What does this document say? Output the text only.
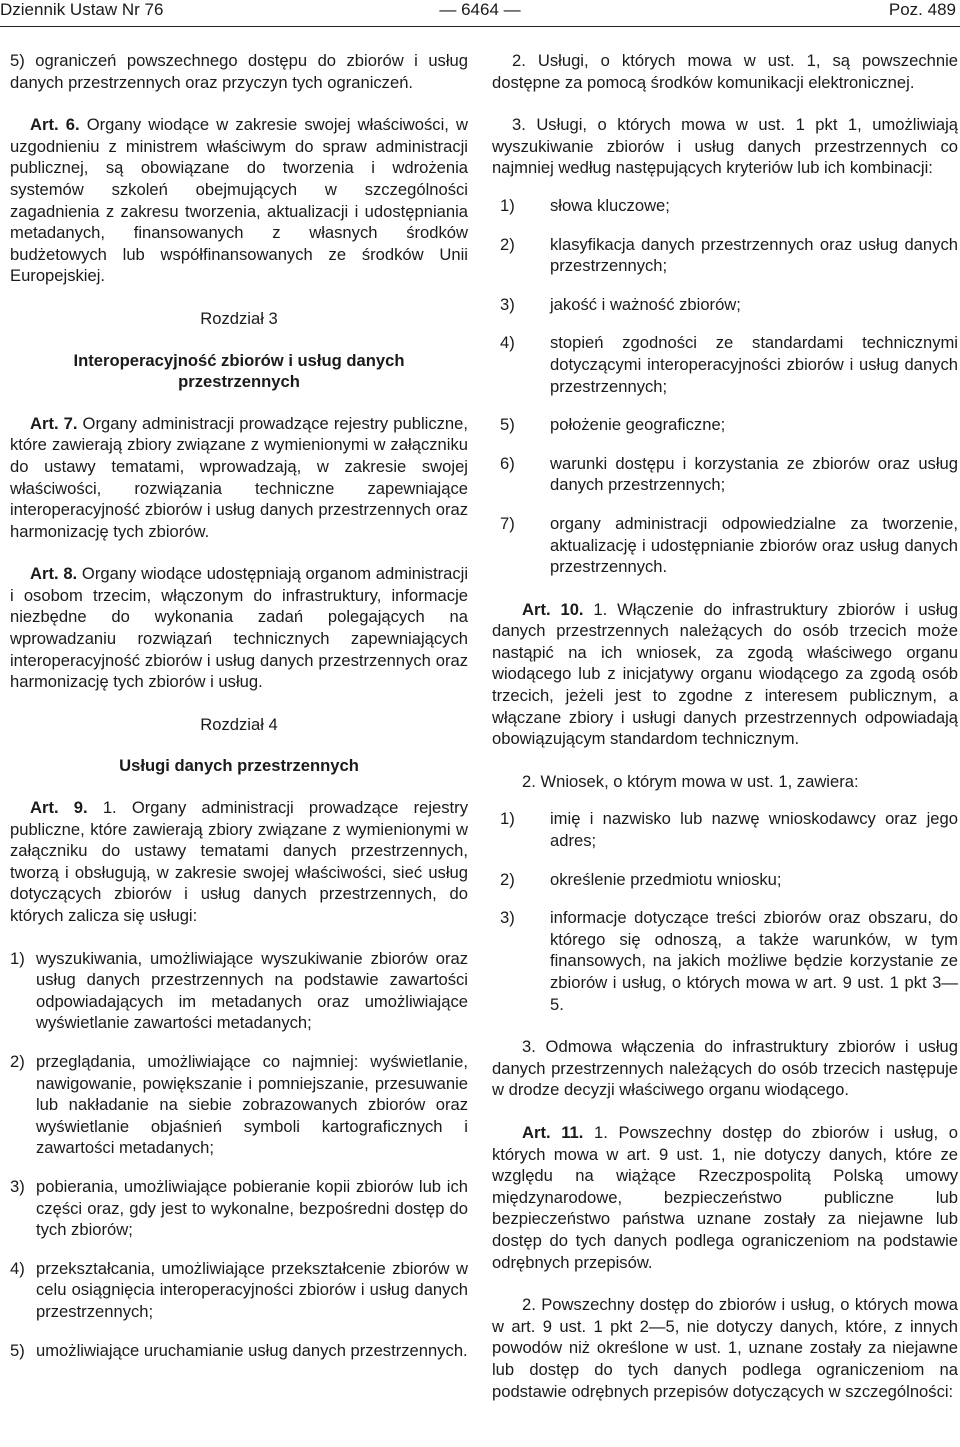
Dziennik Ustaw Nr 76	— 6464 —	Poz. 489

5) ograniczeń powszechnego dostępu do zbiorów i usług danych przestrzennych oraz przyczyn tych ograniczeń.

Art. 6. Organy wiodące w zakresie swojej właściwości, w uzgodnieniu z ministrem właściwym do spraw administracji publicznej, są obowiązane do tworzenia i wdrożenia systemów szkoleń obejmujących w szczególności zagadnienia z zakresu tworzenia, aktualizacji i udostępniania metadanych, finansowanych z własnych środków budżetowych lub współfinansowanych ze środków Unii Europejskiej.

Rozdział 3
Interoperacyjność zbiorów i usług danych przestrzennych

Art. 7. Organy administracji prowadzące rejestry publiczne, które zawierają zbiory związane z wymienionymi w załączniku do ustawy tematami, wprowadzają, w zakresie swojej właściwości, rozwiązania techniczne zapewniające interoperacyjność zbiorów i usług danych przestrzennych oraz harmonizację tych zbiorów.

Art. 8. Organy wiodące udostępniają organom administracji i osobom trzecim, włączonym do infrastruktury, informacje niezbędne do wykonania zadań polegających na wprowadzaniu rozwiązań technicznych zapewniających interoperacyjność zbiorów i usług danych przestrzennych oraz harmonizację tych zbiorów i usług.

Rozdział 4
Usługi danych przestrzennych

Art. 9. 1. Organy administracji prowadzące rejestry publiczne, które zawierają zbiory związane z wymienionymi w załączniku do ustawy tematami danych przestrzennych, tworzą i obsługują, w zakresie swojej właściwości, sieć usług dotyczących zbiorów i usług danych przestrzennych, do których zalicza się usługi:

1) wyszukiwania, umożliwiające wyszukiwanie zbiorów oraz usług danych przestrzennych na podstawie zawartości odpowiadających im metadanych oraz umożliwiające wyświetlanie zawartości metadanych;
2) przeglądania, umożliwiające co najmniej: wyświetlanie, nawigowanie, powiększanie i pomniejszanie, przesuwanie lub nakładanie na siebie zobrazowanych zbiorów oraz wyświetlanie objaśnień symboli kartograficznych i zawartości metadanych;
3) pobierania, umożliwiające pobieranie kopii zbiorów lub ich części oraz, gdy jest to wykonalne, bezpośredni dostęp do tych zbiorów;
4) przekształcania, umożliwiające przekształcenie zbiorów w celu osiągnięcia interoperacyjności zbiorów i usług danych przestrzennych;
5) umożliwiające uruchamianie usług danych przestrzennych.

2. Usługi, o których mowa w ust. 1, są powszechnie dostępne za pomocą środków komunikacji elektronicznej.

3. Usługi, o których mowa w ust. 1 pkt 1, umożliwiają wyszukiwanie zbiorów i usług danych przestrzennych co najmniej według następujących kryteriów lub ich kombinacji:

1) słowa kluczowe;
2) klasyfikacja danych przestrzennych oraz usług danych przestrzennych;
3) jakość i ważność zbiorów;
4) stopień zgodności ze standardami technicznymi dotyczącymi interoperacyjności zbiorów i usług danych przestrzennych;
5) położenie geograficzne;
6) warunki dostępu i korzystania ze zbiorów oraz usług danych przestrzennych;
7) organy administracji odpowiedzialne za tworzenie, aktualizację i udostępnianie zbiorów oraz usług danych przestrzennych.

Art. 10. 1. Włączenie do infrastruktury zbiorów i usług danych przestrzennych należących do osób trzecich może nastąpić na ich wniosek, za zgodą właściwego organu wiodącego lub z inicjatywy organu wiodącego za zgodą osób trzecich, jeżeli jest to zgodne z interesem publicznym, a włączane zbiory i usługi danych przestrzennych odpowiadają obowiązującym standardom technicznym.

2. Wniosek, o którym mowa w ust. 1, zawiera:

1) imię i nazwisko lub nazwę wnioskodawcy oraz jego adres;
2) określenie przedmiotu wniosku;
3) informacje dotyczące treści zbiorów oraz obszaru, do którego się odnoszą, a także warunków, w tym finansowych, na jakich możliwe będzie korzystanie ze zbiorów i usług, o których mowa w art. 9 ust. 1 pkt 3—5.

3. Odmowa włączenia do infrastruktury zbiorów i usług danych przestrzennych należących do osób trzecich następuje w drodze decyzji właściwego organu wiodącego.

Art. 11. 1. Powszechny dostęp do zbiorów i usług, o których mowa w art. 9 ust. 1, nie dotyczy danych, które ze względu na wiążące Rzeczpospolitą Polską umowy międzynarodowe, bezpieczeństwo publiczne lub bezpieczeństwo państwa uznane zostały za niejawne lub dostęp do tych danych podlega ograniczeniom na podstawie odrębnych przepisów.

2. Powszechny dostęp do zbiorów i usług, o których mowa w art. 9 ust. 1 pkt 2—5, nie dotyczy danych, które, z innych powodów niż określone w ust. 1, uznane zostały za niejawne lub dostęp do tych danych podlega ograniczeniom na podstawie odrębnych przepisów dotyczących w szczególności:
